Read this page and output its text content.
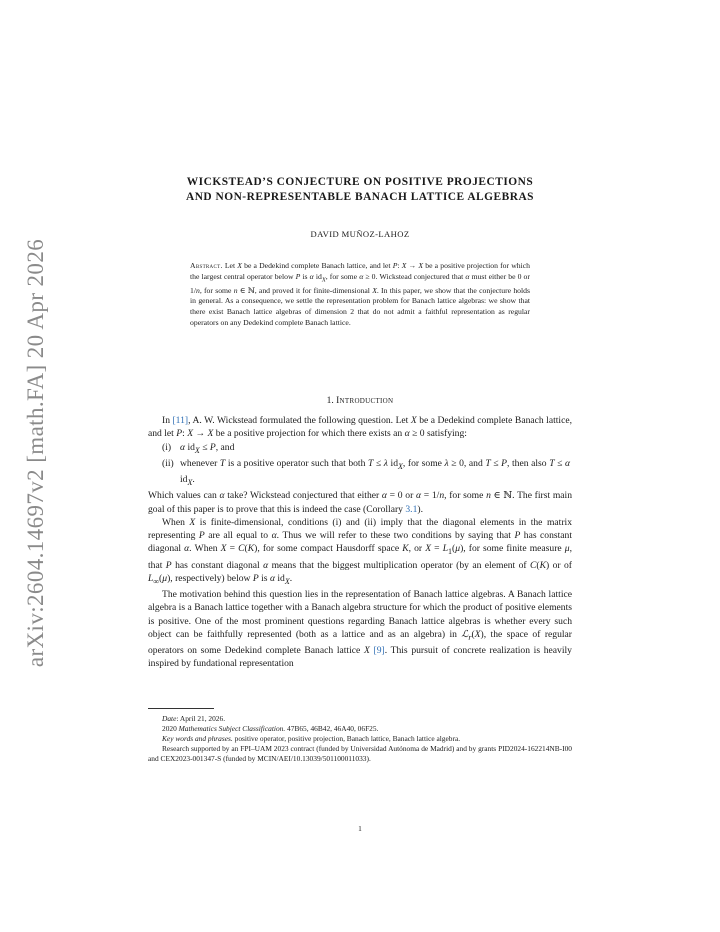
arXiv:2604.14697v2 [math.FA] 20 Apr 2026
WICKSTEAD’S CONJECTURE ON POSITIVE PROJECTIONS
AND NON-REPRESENTABLE BANACH LATTICE ALGEBRAS
DAVID MUÑOZ-LAHOZ
Abstract. Let X be a Dedekind complete Banach lattice, and let P: X → X be a positive projection for which the largest central operator below P is α $id_X$, for some α ≥ 0. Wickstead conjectured that α must either be 0 or 1/n, for some n ∈ ℕ, and proved it for finite-dimensional X. In this paper, we show that the conjecture holds in general. As a consequence, we settle the representation problem for Banach lattice algebras: we show that there exist Banach lattice algebras of dimension 2 that do not admit a faithful representation as regular operators on any Dedekind complete Banach lattice.
1. Introduction

In [11], A. W. Wickstead formulated the following question. Let X be a Dedekind complete Banach lattice, and let P: X → X be a positive projection for which there exists an α ≥ 0 satisfying:

(i) α $id_X \le P$, and
(ii) whenever T is a positive operator such that both T ≤ λ $id_X$, for some λ ≥ 0, and T ≤ P, then also T ≤ α $id_X$.

Which values can α take? Wickstead conjectured that either α = 0 or α = 1/n, for some n ∈ ℕ. The first main goal of this paper is to prove that this is indeed the case (Corollary 3.1).

When X is finite-dimensional, conditions (i) and (ii) imply that the diagonal elements in the matrix representing P are all equal to α. Thus we will refer to these two conditions by saying that P has constant diagonal α. When X = C(K), for some compact Hausdorff space K, or $X = L_1(\mu)$, for some finite measure μ, that P has constant diagonal α means that the biggest multiplication operator (by an element of C(K) or of $L_\infty(\mu)$, respectively) below P is α $id_X$.

The motivation behind this question lies in the representation of Banach lattice algebras. A Banach lattice algebra is a Banach lattice together with a Banach algebra structure for which the product of positive elements is positive. One of the most prominent questions regarding Banach lattice algebras is whether every such object can be faithfully represented (both as a lattice and as an algebra) in ℒ$_r$(X), the space of regular operators on some Dedekind complete Banach lattice X [9]. This pursuit of concrete realization is heavily inspired by fundational representation

Date: April 21, 2026.

2020 Mathematics Subject Classification. 47B65, 46B42, 46A40, 06F25.

Key words and phrases. positive operator, positive projection, Banach lattice, Banach lattice algebra.

Research supported by an FPI–UAM 2023 contract (funded by Universidad Autónoma de Madrid) and by grants PID2024-162214NB-I00 and CEX2023-001347-S (funded by MCIN/AEI/10.13039/501100011033).

1
